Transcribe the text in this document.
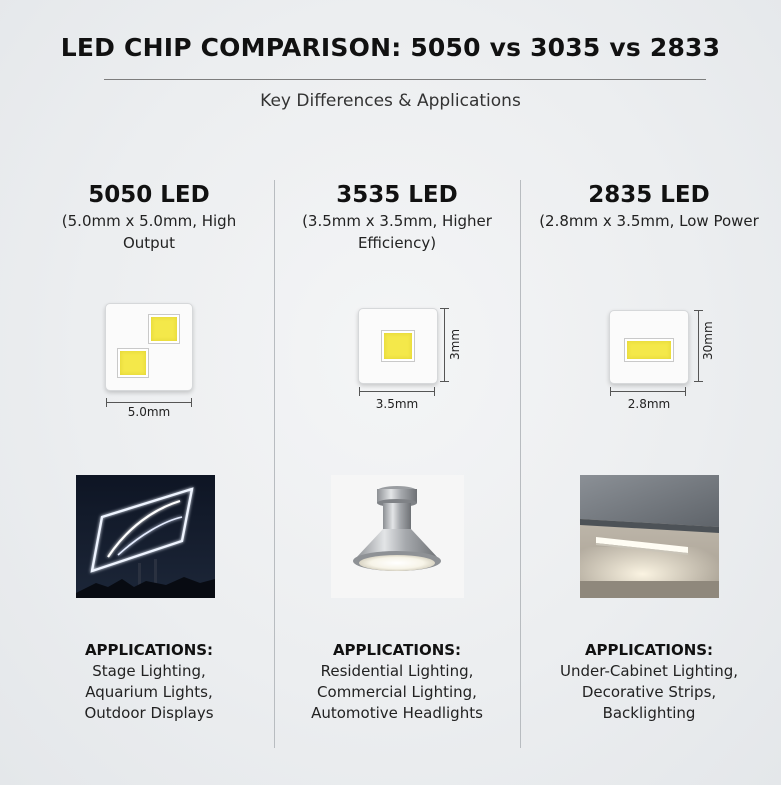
LED CHIP COMPARISON: 5050 vs 3035 vs 2833
Key Differences & Applications
5050 LED
(5.0mm x 5.0mm, High Output
5.0mm
APPLICATIONS:
Stage Lighting,
Aquarium Lights,
Outdoor Displays
3535 LED
(3.5mm x 3.5mm, Higher Efficiency)
3.5mm
3mm
APPLICATIONS:
Residential Lighting,
Commercial Lighting,
Automotive Headlights
2835 LED
(2.8mm x 3.5mm, Low Power
2.8mm
30mm
APPLICATIONS:
Under-Cabinet Lighting,
Decorative Strips,
Backlighting
